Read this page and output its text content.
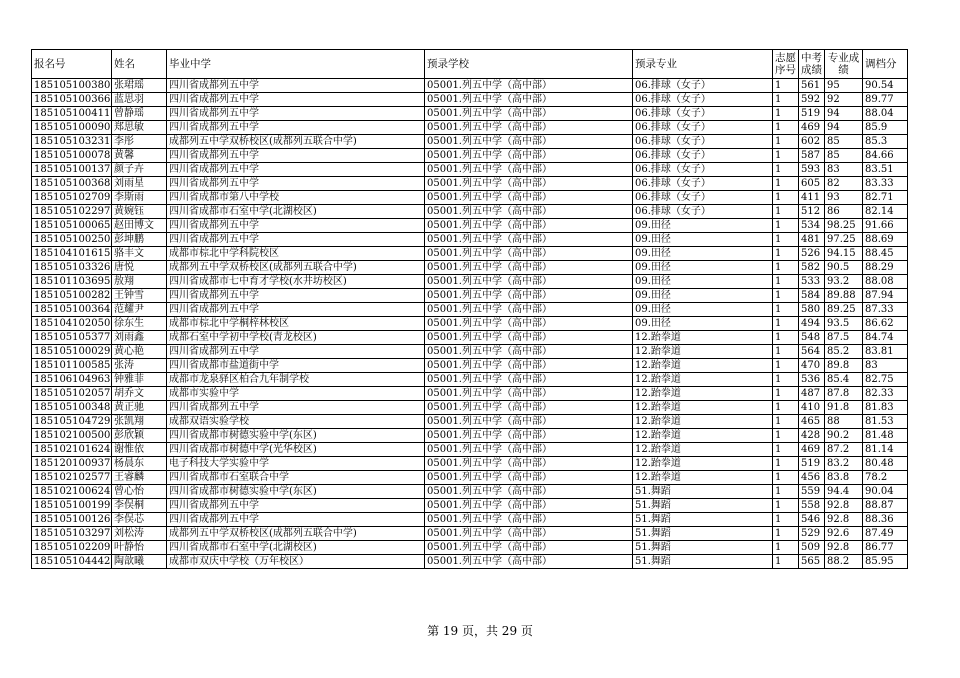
报名号	姓名	毕业中学	预录学校	预录专业	志愿序号	中考成绩	专业成绩	调档分
185105100380	张珺瑶	四川省成都列五中学	05001.列五中学（高中部）	06.排球（女子）	1	561	95	90.54
185105100366	蓝思羽	四川省成都列五中学	05001.列五中学（高中部）	06.排球（女子）	1	592	92	89.77
185105100411	曾静瑶	四川省成都列五中学	05001.列五中学（高中部）	06.排球（女子）	1	519	94	88.04
185105100090	郑思敏	四川省成都列五中学	05001.列五中学（高中部）	06.排球（女子）	1	469	94	85.9
185105103231	李彤	成都列五中学双桥校区(成都列五联合中学)	05001.列五中学（高中部）	06.排球（女子）	1	602	85	85.3
185105100078	黄馨	四川省成都列五中学	05001.列五中学（高中部）	06.排球（女子）	1	587	85	84.66
185105100137	颜子卉	四川省成都列五中学	05001.列五中学（高中部）	06.排球（女子）	1	593	83	83.51
185105100368	刘雨星	四川省成都列五中学	05001.列五中学（高中部）	06.排球（女子）	1	605	82	83.33
185105102709	李斯雨	四川省成都市第八中学校	05001.列五中学（高中部）	06.排球（女子）	1	411	93	82.71
185105102297	黄婉钰	四川省成都市石室中学(北湖校区)	05001.列五中学（高中部）	06.排球（女子）	1	512	86	82.14
185105100065	赵田博文	四川省成都列五中学	05001.列五中学（高中部）	09.田径	1	534	98.25	91.66
185105100250	彭坤鹏	四川省成都列五中学	05001.列五中学（高中部）	09.田径	1	481	97.25	88.69
185104101615	骆丰文	成都市棕北中学科院校区	05001.列五中学（高中部）	09.田径	1	526	94.15	88.45
185105103326	唐悦	成都列五中学双桥校区(成都列五联合中学)	05001.列五中学（高中部）	09.田径	1	582	90.5	88.29
185101103695	敖翔	四川省成都市七中育才学校(水井坊校区)	05001.列五中学（高中部）	09.田径	1	533	93.2	88.08
185105100282	王钟雪	四川省成都列五中学	05001.列五中学（高中部）	09.田径	1	584	89.88	87.94
185105100364	范耀尹	四川省成都列五中学	05001.列五中学（高中部）	09.田径	1	580	89.25	87.33
185104102050	徐东生	成都市棕北中学桐梓林校区	05001.列五中学（高中部）	09.田径	1	494	93.5	86.62
185105105377	刘雨鑫	成都石室中学初中学校(青龙校区)	05001.列五中学（高中部）	12.跆拳道	1	548	87.5	84.74
185105100029	黄心艳	四川省成都列五中学	05001.列五中学（高中部）	12.跆拳道	1	564	85.2	83.81
185101100585	张涛	四川省成都市盐道街中学	05001.列五中学（高中部）	12.跆拳道	1	470	89.8	83
185106104963	钟雅菲	成都市龙泉驿区柏合九年制学校	05001.列五中学（高中部）	12.跆拳道	1	536	85.4	82.75
185105102057	胡乔文	成都市实验中学	05001.列五中学（高中部）	12.跆拳道	1	487	87.8	82.33
185105100348	黄正驰	四川省成都列五中学	05001.列五中学（高中部）	12.跆拳道	1	410	91.8	81.83
185105104729	张凯翔	成都双语实验学校	05001.列五中学（高中部）	12.跆拳道	1	465	88	81.53
185102100500	彭欣颖	四川省成都市树德实验中学(东区)	05001.列五中学（高中部）	12.跆拳道	1	428	90.2	81.48
185102101624	谢惟依	四川省成都市树德中学(光华校区)	05001.列五中学（高中部）	12.跆拳道	1	469	87.2	81.14
185120100937	杨晨东	电子科技大学实验中学	05001.列五中学（高中部）	12.跆拳道	1	519	83.2	80.48
185102102577	王睿麟	四川省成都市石室联合中学	05001.列五中学（高中部）	12.跆拳道	1	456	83.8	78.2
185102100624	曾心怡	四川省成都市树德实验中学(东区)	05001.列五中学（高中部）	51.舞蹈	1	559	94.4	90.04
185105100199	李俣桐	四川省成都列五中学	05001.列五中学（高中部）	51.舞蹈	1	558	92.8	88.87
185105100126	李俣芯	四川省成都列五中学	05001.列五中学（高中部）	51.舞蹈	1	546	92.8	88.36
185105103297	刘松涛	成都列五中学双桥校区(成都列五联合中学)	05001.列五中学（高中部）	51.舞蹈	1	529	92.6	87.49
185105102209	叶静怡	四川省成都市石室中学(北湖校区)	05001.列五中学（高中部）	51.舞蹈	1	509	92.8	86.77
185105104442	陶歆曦	成都市双庆中学校（万年校区）	05001.列五中学（高中部）	51.舞蹈	1	565	88.2	85.95
第 19 页，共 29 页
